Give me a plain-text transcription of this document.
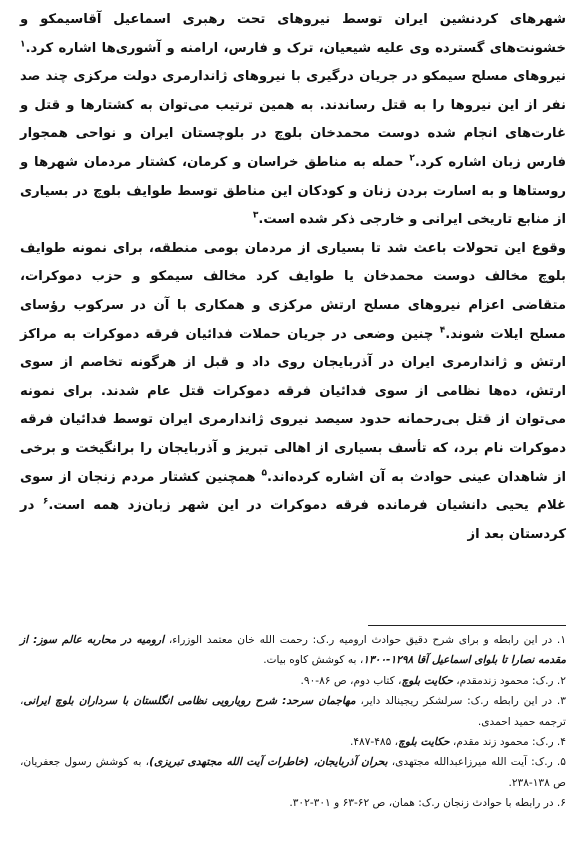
شهرهای کردنشین ایران توسط نیروهای تحت رهبری اسماعیل آقاسیمکو و خشونت‌های گسترده وی علیه شیعیان، ترک و فارس، ارامنه و آشوری‌ها اشاره کرد.$^۱$ نیروهای مسلح سیمکو در جریان درگیری با نیروهای ژاندارمری دولت مرکزی چند صد نفر از این نیروها را به قتل رساندند. به همین ترتیب می‌توان به کشتارها و قتل و غارت‌های انجام شده دوست محمدخان بلوچ در بلوچستان ایران و نواحی همجوار فارس زبان اشاره کرد.$^۲$ حمله به مناطق خراسان و کرمان، کشتار مردمان شهرها و روستاها و به اسارت بردن زنان و کودکان این مناطق توسط طوایف بلوچ در بسیاری از منابع تاریخی ایرانی و خارجی ذکر شده است.$^۳$

وقوع این تحولات باعث شد تا بسیاری از مردمان بومی منطقه، برای نمونه طوایف بلوچ مخالف دوست محمدخان یا طوایف کرد مخالف سیمکو و حزب دموکرات، متقاضی اعزام نیروهای مسلح ارتش مرکزی و همکاری با آن در سرکوب رؤسای مسلح ایلات شوند.$^۴$ چنین وضعی در جریان حملات فدائیان فرقه دموکرات به مراکز ارتش و ژاندارمری ایران در آذربایجان روی داد و قبل از هرگونه تخاصم از سوی ارتش، ده‌ها نظامی از سوی فدائیان فرقه دموکرات قتل عام شدند. برای نمونه می‌توان از قتل بی‌رحمانه حدود سیصد نیروی ژاندارمری ایران توسط فدائیان فرقه دموکرات نام برد، که تأسف بسیاری از اهالی تبریز و آذربایجان را برانگیخت و برخی از شاهدان عینی حوادث به آن اشاره کرده‌اند.$^۵$ همچنین کشتار مردم زنجان از سوی غلام یحیی دانشیان فرمانده فرقه دموکرات در این شهر زبان‌زد همه است.$^۶$ در کردستان بعد از

۱. در این رابطه و برای شرح دقیق حوادث ارومیه ر.ک: رحمت الله خان معتمد الوزراء، ارومیه در محاربه عالم سوز: از مقدمه نصارا تا بلوای اسماعیل آقا ۱۲۹۸-۱۳۰۰، به کوشش کاوه بیات.

۲. ر.ک: محمود زندمقدم، حکایت بلوچ، کتاب دوم، ص ۸۶-۹۰.

۳. در این رابطه ر.ک: سرلشکر ریجینالد دایر، مهاجمان سرحد: شرح رویارویی نظامی انگلستان با سرداران بلوچ ایرانی، ترجمه حمید احمدی.

۴. ر.ک: محمود زند مقدم، حکایت بلوچ، ۴۸۵-۴۸۷.

۵. ر.ک: آیت الله میرزاعبدالله مجتهدی، بحران آذربایجان، (خاطرات آیت الله مجتهدی تبریزی)، به کوشش رسول جعفریان، ص ۱۳۸-۲۳۸.

۶. در رابطه با حوادث زنجان ر.ک: همان، ص ۶۲-۶۳ و ۳۰۱-۳۰۲.
